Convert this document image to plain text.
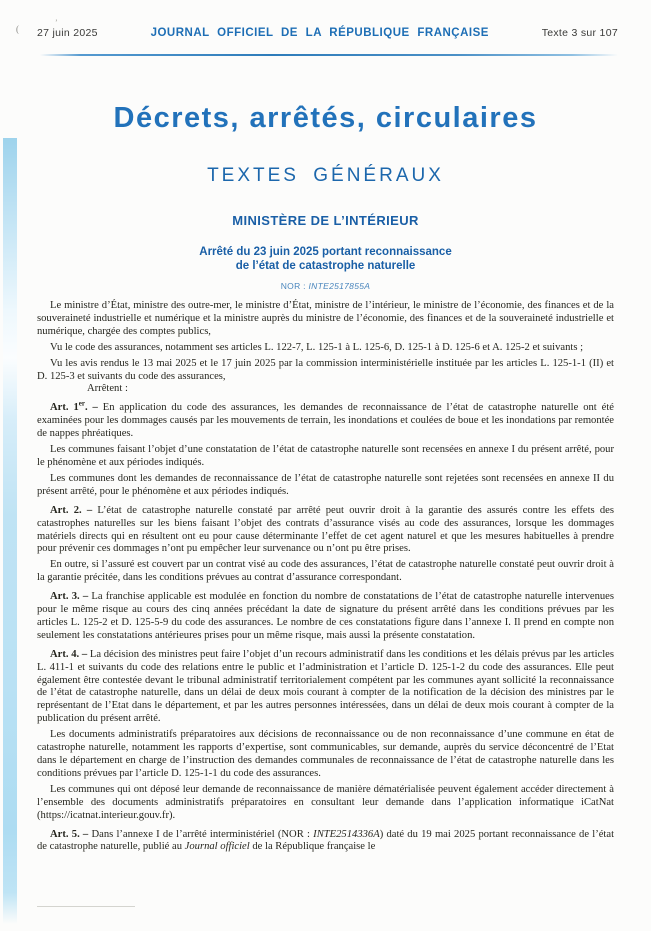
(
ʼ
27 juin 2025	JOURNAL OFFICIEL DE LA RÉPUBLIQUE FRANÇAISE	Texte 3 sur 107
Décrets, arrêtés, circulaires
TEXTES GÉNÉRAUX
MINISTÈRE DE L’INTÉRIEUR
Arrêté du 23 juin 2025 portant reconnaissance
de l’état de catastrophe naturelle
NOR : INTE2517855A

Le ministre d’État, ministre des outre-mer, le ministre d’État, ministre de l’intérieur, le ministre de l’économie, des finances et de la souveraineté industrielle et numérique et la ministre auprès du ministre de l’économie, des finances et de la souveraineté industrielle et numérique, chargée des comptes publics,

Vu le code des assurances, notamment ses articles L. 122-7, L. 125-1 à L. 125-6, D. 125-1 à D. 125-6 et A. 125-2 et suivants ;

Vu les avis rendus le 13 mai 2025 et le 17 juin 2025 par la commission interministérielle instituée par les articles L. 125-1-1 (II) et D. 125-3 et suivants du code des assurances,

Arrêtent :

Art. 1er. – En application du code des assurances, les demandes de reconnaissance de l’état de catastrophe naturelle ont été examinées pour les dommages causés par les mouvements de terrain, les inondations et coulées de boue et les inondations par remontée de nappes phréatiques.

Les communes faisant l’objet d’une constatation de l’état de catastrophe naturelle sont recensées en annexe I du présent arrêté, pour le phénomène et aux périodes indiqués.

Les communes dont les demandes de reconnaissance de l’état de catastrophe naturelle sont rejetées sont recensées en annexe II du présent arrêté, pour le phénomène et aux périodes indiqués.

Art. 2. – L’état de catastrophe naturelle constaté par arrêté peut ouvrir droit à la garantie des assurés contre les effets des catastrophes naturelles sur les biens faisant l’objet des contrats d’assurance visés au code des assurances, lorsque les dommages matériels directs qui en résultent ont eu pour cause déterminante l’effet de cet agent naturel et que les mesures habituelles à prendre pour prévenir ces dommages n’ont pu empêcher leur survenance ou n’ont pu être prises.

En outre, si l’assuré est couvert par un contrat visé au code des assurances, l’état de catastrophe naturelle constaté peut ouvrir droit à la garantie précitée, dans les conditions prévues au contrat d’assurance correspondant.

Art. 3. – La franchise applicable est modulée en fonction du nombre de constatations de l’état de catastrophe naturelle intervenues pour le même risque au cours des cinq années précédant la date de signature du présent arrêté dans les conditions prévues par les articles L. 125-2 et D. 125-5-9 du code des assurances. Le nombre de ces constatations figure dans l’annexe I. Il prend en compte non seulement les constatations antérieures prises pour un même risque, mais aussi la présente constatation.

Art. 4. – La décision des ministres peut faire l’objet d’un recours administratif dans les conditions et les délais prévus par les articles L. 411-1 et suivants du code des relations entre le public et l’administration et l’article D. 125-1-2 du code des assurances. Elle peut également être contestée devant le tribunal administratif territorialement compétent par les communes ayant sollicité la reconnaissance de l’état de catastrophe naturelle, dans un délai de deux mois courant à compter de la notification de la décision des ministres par le représentant de l’Etat dans le département, et par les autres personnes intéressées, dans un délai de deux mois courant à compter de la publication du présent arrêté.

Les documents administratifs préparatoires aux décisions de reconnaissance ou de non reconnaissance d’une commune en état de catastrophe naturelle, notamment les rapports d’expertise, sont communicables, sur demande, auprès du service déconcentré de l’Etat dans le département en charge de l’instruction des demandes communales de reconnaissance de l’état de catastrophe naturelle dans les conditions prévues par l’article D. 125-1-1 du code des assurances.

Les communes qui ont déposé leur demande de reconnaissance de manière dématérialisée peuvent également accéder directement à l’ensemble des documents administratifs préparatoires en consultant leur demande dans l’application informatique iCatNat (https://icatnat.interieur.gouv.fr).

Art. 5. – Dans l’annexe I de l’arrêté interministériel (NOR : INTE2514336A) daté du 19 mai 2025 portant reconnaissance de l’état de catastrophe naturelle, publié au Journal officiel de la République française le
